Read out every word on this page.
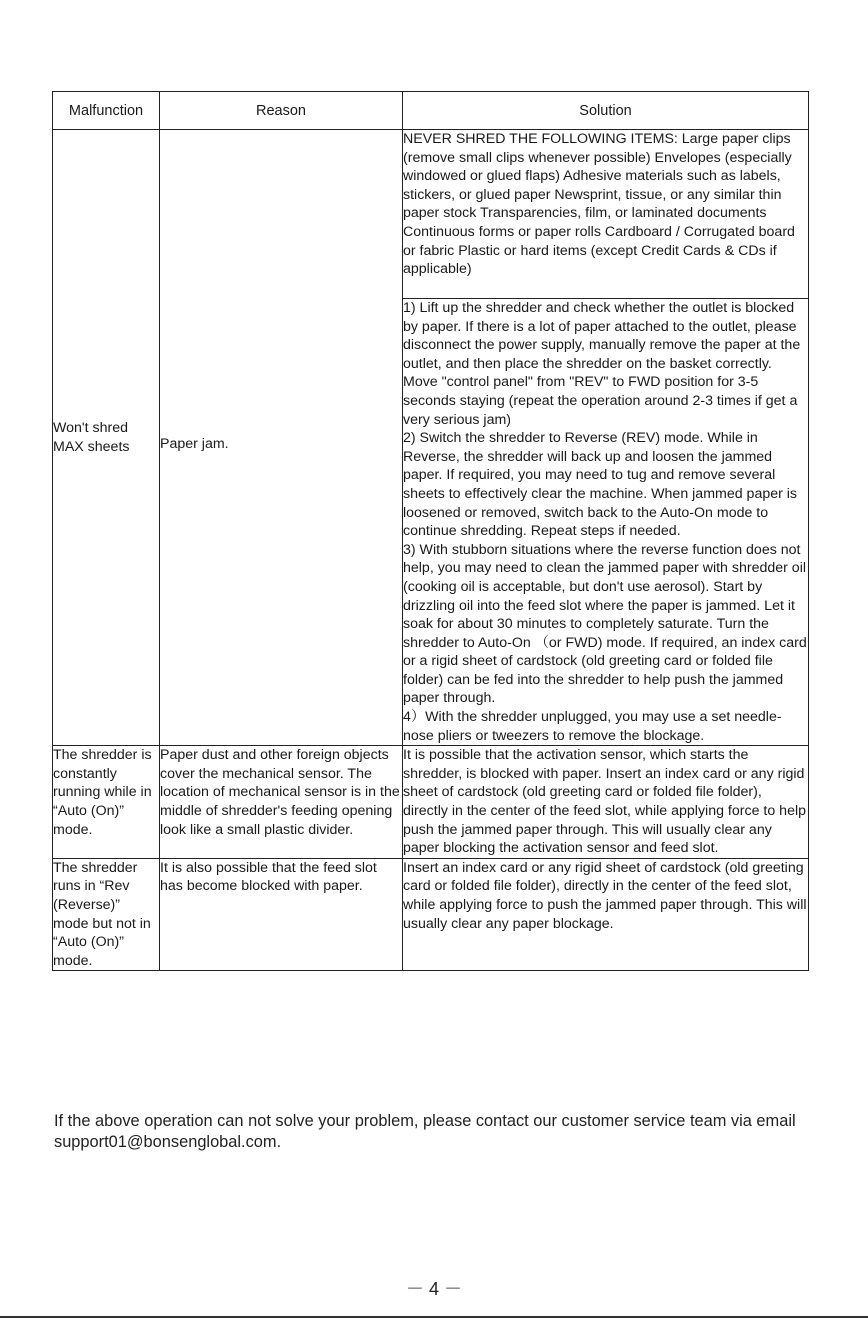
Malfunction	Reason	Solution

Won't shred MAX sheets	Paper jam.	NEVER SHRED THE FOLLOWING ITEMS: Large paper clips (remove small clips whenever possible) Envelopes (especially windowed or glued flaps) Adhesive materials such as labels, stickers, or glued paper Newsprint, tissue, or any similar thin paper stock Transparencies, film, or laminated documents Continuous forms or paper rolls Cardboard / Corrugated board or fabric Plastic or hard items (except Credit Cards & CDs if applicable)

		1) Lift up the shredder and check whether the outlet is blocked by paper. If there is a lot of paper attached to the outlet, please disconnect the power supply, manually remove the paper at the outlet, and then place the shredder on the basket correctly. Move "control panel" from "REV" to FWD position for 3-5 seconds staying (repeat the operation around 2-3 times if get a very serious jam)

2) Switch the shredder to Reverse (REV) mode. While in Reverse, the shredder will back up and loosen the jammed paper. If required, you may need to tug and remove several sheets to effectively clear the machine. When jammed paper is loosened or removed, switch back to the Auto-On mode to continue shredding. Repeat steps if needed.

3) With stubborn situations where the reverse function does not help, you may need to clean the jammed paper with shredder oil (cooking oil is acceptable, but don't use aerosol). Start by drizzling oil into the feed slot where the paper is jammed. Let it soak for about 30 minutes to completely saturate. Turn the shredder to Auto-On （or FWD) mode. If required, an index card or a rigid sheet of cardstock (old greeting card or folded file folder) can be fed into the shredder to help push the jammed paper through.

4）With the shredder unplugged, you may use a set needle-nose pliers or tweezers to remove the blockage.

The shredder is constantly running while in “Auto (On)” mode.	Paper dust and other foreign objects cover the mechanical sensor. The location of mechanical sensor is in the middle of shredder's feeding opening look like a small plastic divider.	It is possible that the activation sensor, which starts the shredder, is blocked with paper. Insert an index card or any rigid sheet of cardstock (old greeting card or folded file folder), directly in the center of the feed slot, while applying force to help push the jammed paper through. This will usually clear any paper blocking the activation sensor and feed slot.

The shredder runs in “Rev (Reverse)” mode but not in “Auto (On)” mode.	It is also possible that the feed slot has become blocked with paper.	Insert an index card or any rigid sheet of cardstock (old greeting card or folded file folder), directly in the center of the feed slot, while applying force to push the jammed paper through. This will usually clear any paper blockage.
If the above operation can not solve your problem, please contact our customer service team via email support01@bonsenglobal.com.
－ 4 －
